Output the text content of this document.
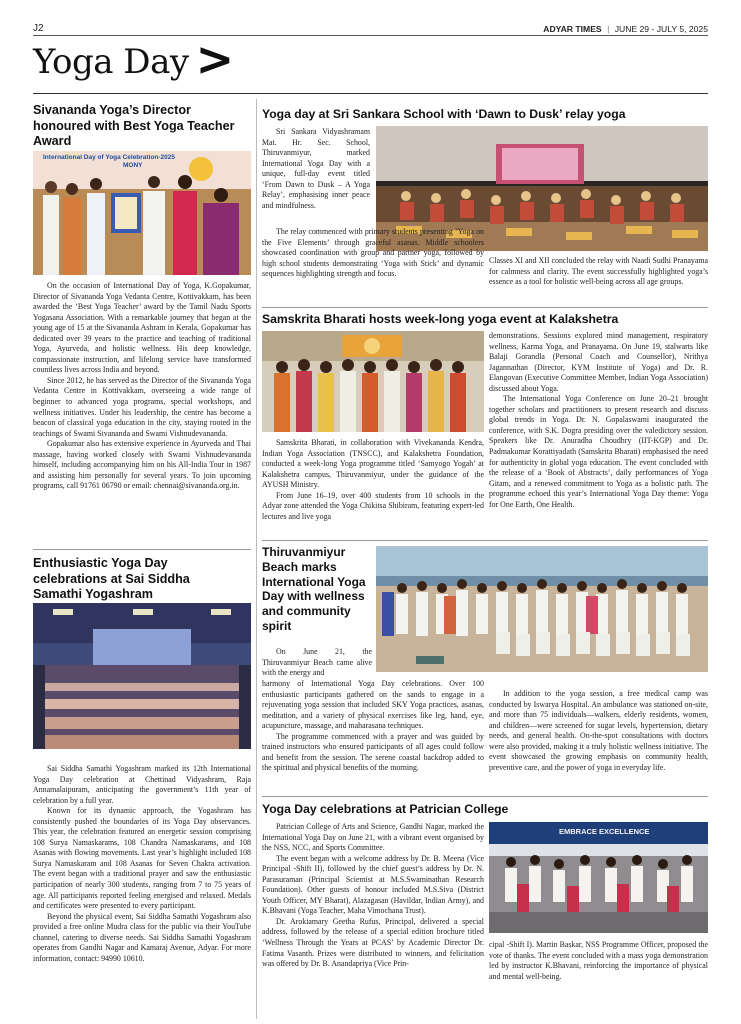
J2	ADYAR TIMES | JUNE 29 - JULY 5, 2025
Yoga Day >
Sivananda Yoga’s Director honoured with Best Yoga Teacher Award
International Day of Yoga Celebration-2025
MONY

On the occasion of International Day of Yoga, K.Gopakumar, Director of Sivananda Yoga Vedanta Centre, Kottivakkam, has been awarded the ‘Best Yoga Teacher’ award by the Tamil Nadu Sports Yogasana Association. With a remarkable journey that began at the young age of 15 at the Sivananda Ashram in Kerala, Gopakumar has dedicated over 39 years to the practice and teaching of traditional Yoga, Ayurveda, and holistic wellness. His deep knowledge, compassionate instruction, and lifelong service have transformed countless lives across India and beyond.

Since 2012, he has served as the Director of the Sivananda Yoga Vedanta Centre in Kottivakkam, overseeing a wide range of beginner to advanced yoga programs, special workshops, and wellness initiatives. Under his leadership, the centre has become a beacon of classical yoga education in the city, staying rooted in the teachings of Swami Sivananda and Swami Vishnudevananda.

Gopakumar also has extensive experience in Ayurveda and Thai massage, having worked closely with Swami Vishnudevananda himself, including accompanying him on his All-India Tour in 1987 and assisting him personally for several years. To join upcoming programs, call 91761 06790 or email: chennai@sivananda.org.in.

Enthusiastic Yoga Day celebrations at Sai Siddha Samathi Yogashram

Sai Siddha Samathi Yogashram marked its 12th International Yoga Day celebration at Chettinad Vidyashram, Raja Annamalaipuram, anticipating the government’s 11th year of celebration by a full year.

Known for its dynamic approach, the Yogashram has consistently pushed the boundaries of its Yoga Day observances. This year, the celebration featured an energetic session comprising 108 Surya Namaskarams, 108 Chandra Namaskarams, and 108 Asanas with flowing movements. Last year’s highlight included 108 Surya Namaskaram and 108 Asanas for Seven Chakra activation. The event began with a traditional prayer and saw the enthusiastic participation of nearly 300 students, ranging from 7 to 75 years of age. All participants reported feeling energised and relaxed. Medals and certificates were presented to every participant.

Beyond the physical event, Sai Siddha Samathi Yogashram also provided a free online Mudra class for the public via their YouTube channel, catering to diverse needs. Sai Siddha Samathi Yogashram operates from Gandhi Nagar and Kamaraj Avenue, Adyar. For more information, contact: 94990 10610.

Yoga day at Sri Sankara School with ‘Dawn to Dusk’ relay yoga
Sri Sankara Vidyashramam Mat. Hr. Sec. School, Thiruvanmiyur, marked International Yoga Day with a unique, full-day event titled ‘From Dawn to Dusk – A Yoga Relay’, emphasising inner peace and mindfulness.

The relay commenced with primary students presenting ‘Yoga on the Five Elements’ through graceful asanas. Middle schoolers showcased coordination with group and partner yoga, followed by high school students demonstrating ‘Yoga with Stick’ and dynamic sequences highlighting strength and focus.

Classes XI and XII concluded the relay with Naadi Sudhi Pranayama for calmness and clarity. The event successfully highlighted yoga’s essence as a tool for holistic well-being across all age groups.

Samskrita Bharati hosts week-long yoga event at Kalakshetra

Samskrita Bharati, in collaboration with Vivekananda Kendra, Indian Yoga Association (TNSCC), and Kalakshetra Foundation, conducted a week-long Yoga programme titled ‘Samyogo Yogah’ at Kalakshetra campus, Thiruvanmiyur, under the guidance of the AYUSH Ministry.

From June 16–19, over 400 students from 10 schools in the Adyar zone attended the Yoga Chikitsa Shibiram, featuring expert-led lectures and live yoga

demonstrations. Sessions explored mind management, respiratory wellness, Karma Yoga, and Pranayama. On June 19, stalwarts like Balaji Gorandla (Personal Coach and Counsellor), Nrithya Jagannathan (Director, KYM Institute of Yoga) and Dr. R. Elangovan (Executive Committee Member, Indian Yoga Association) discussed about Yoga.

The International Yoga Conference on June 20–21 brought together scholars and practitioners to present research and discuss global trends in Yoga. Dr. N. Gopalaswami inaugurated the conference, with S.K. Dogra presiding over the valedictory session. Speakers like Dr. Anuradha Choudhry (IIT-KGP) and Dr. Padmakumar Korattiyadath (Samskrita Bharati) emphasised the need for authenticity in global yoga education. The event concluded with the release of a ‘Book of Abstracts’, daily performances of Yoga Gitam, and a renewed commitment to Yoga as a holistic path. The programme echoed this year’s International Yoga Day theme: Yoga for One Earth, One Health.

Thiruvanmiyur Beach marks International Yoga Day with wellness and community spirit
On June 21, the Thiruvanmiyur Beach came alive with the energy and

harmony of International Yoga Day celebrations. Over 100 enthusiastic participants gathered on the sands to engage in a rejuvenating yoga session that included SKY Yoga practices, asanas, meditation, and a variety of physical exercises like leg, hand, eye, acupuncture, massage, and maharasana techniques.

The programme commenced with a prayer and was guided by trained instructors who ensured participants of all ages could follow and benefit from the session. The serene coastal backdrop added to the spiritual and physical benefits of the morning.

In addition to the yoga session, a free medical camp was conducted by Iswarya Hospital. An ambulance was stationed on-site, and more than 75 individuals—walkers, elderly residents, women, and children—were screened for sugar levels, hypertension, dietary needs, and general health. On-the-spot consultations with doctors were also provided, making it a truly holistic wellness initiative. The event showcased the growing emphasis on community health, preventive care, and the power of yoga in everyday life.

Yoga Day celebrations at Patrician College
EMBRACE EXCELLENCE

Patrician College of Arts and Science, Gandhi Nagar, marked the International Yoga Day on June 21, with a vibrant event organised by the NSS, NCC, and Sports Committee.

The event began with a welcome address by Dr. B. Meena (Vice Principal -Shift II), followed by the chief guest’s address by Dr. N. Parasuraman (Principal Scientist at M.S.Swaminathan Research Foundation). Other guests of honour included M.S.Siva (District Youth Officer, MY Bharat), Alazagasan (Havildar, Indian Army), and K.Bhavani (Yoga Teacher, Maha Vimochana Trust).

Dr. Arokiamary Geetha Rufus, Principal, delivered a special address, followed by the release of a special edition brochure titled ‘Wellness Through the Years at PCAS’ by Academic Director Dr. Fatima Vasanth. Prizes were distributed to winners, and felicitation was offered by Dr. B. Anandapriya (Vice Prin-

cipal -Shift I). Martin Baskar, NSS Programme Officer, proposed the vote of thanks. The event concluded with a mass yoga demonstration led by instructor K.Bhavani, reinforcing the importance of physical and mental well-being.
